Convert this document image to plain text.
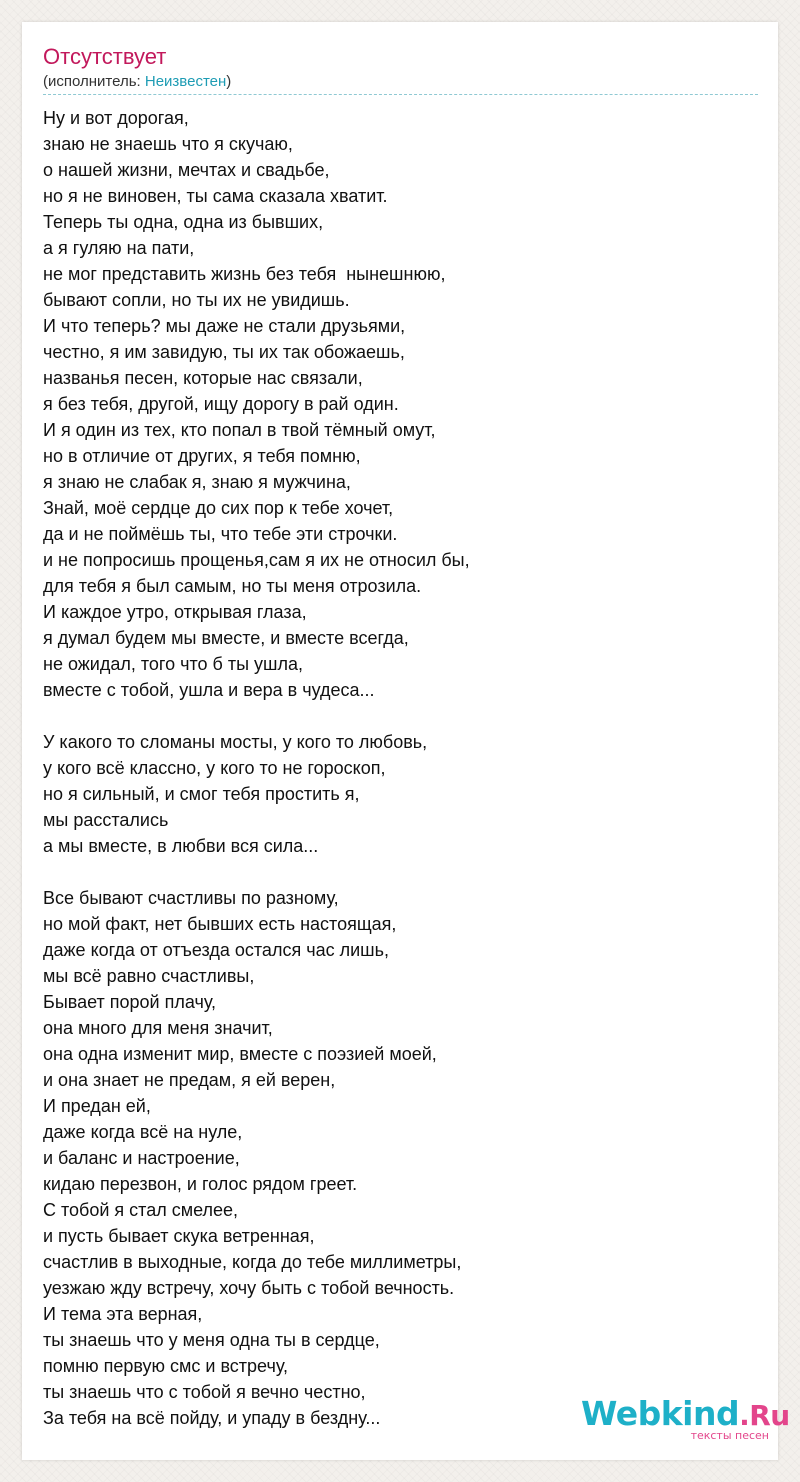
Отсутствует
(исполнитель: Неизвестен)
Ну и вот дорогая,
знаю не знаешь что я скучаю,
о нашей жизни, мечтах и свадьбе,
но я не виновен, ты сама сказала хватит.
Теперь ты одна, одна из бывших,
а я гуляю на пати,
не мог представить жизнь без тебя  нынешнюю,
бывают сопли, но ты их не увидишь.
И что теперь? мы даже не стали друзьями,
честно, я им завидую, ты их так обожаешь,
названья песен, которые нас связали,
я без тебя, другой, ищу дорогу в рай один.
И я один из тех, кто попал в твой тёмный омут,
но в отличие от других, я тебя помню,
я знаю не слабак я, знаю я мужчина,
Знай, моё сердце до сих пор к тебе хочет,
да и не поймёшь ты, что тебе эти строчки.
и не попросишь прощенья,сам я их не относил бы,
для тебя я был самым, но ты меня отрозила.
И каждое утро, открывая глаза,
я думал будем мы вместе, и вместе всегда,
не ожидал, того что б ты ушла,
вместе с тобой, ушла и вера в чудеса...
У какого то сломаны мосты, у кого то любовь,
у кого всё классно, у кого то не гороскоп,
но я сильный, и смог тебя простить я,
мы расстались
а мы вместе, в любви вся сила...
Все бывают счастливы по разному,
но мой факт, нет бывших есть настоящая,
даже когда от отъезда остался час лишь,
мы всё равно счастливы,
Бывает порой плачу,
она много для меня значит,
она одна изменит мир, вместе с поэзией моей,
и она знает не предам, я ей верен,
И предан ей,
даже когда всё на нуле,
и баланс и настроение,
кидаю перезвон, и голос рядом греет.
С тобой я стал смелее,
и пусть бывает скука ветренная,
счастлив в выходные, когда до тебе миллиметры,
уезжаю жду встречу, хочу быть с тобой вечность.
И тема эта верная,
ты знаешь что у меня одна ты в сердце,
помню первую смс и встречу,
ты знаешь что с тобой я вечно честно,
За тебя на всё пойду, и упаду в бездну...	Webkind.Ru
тексты песен
